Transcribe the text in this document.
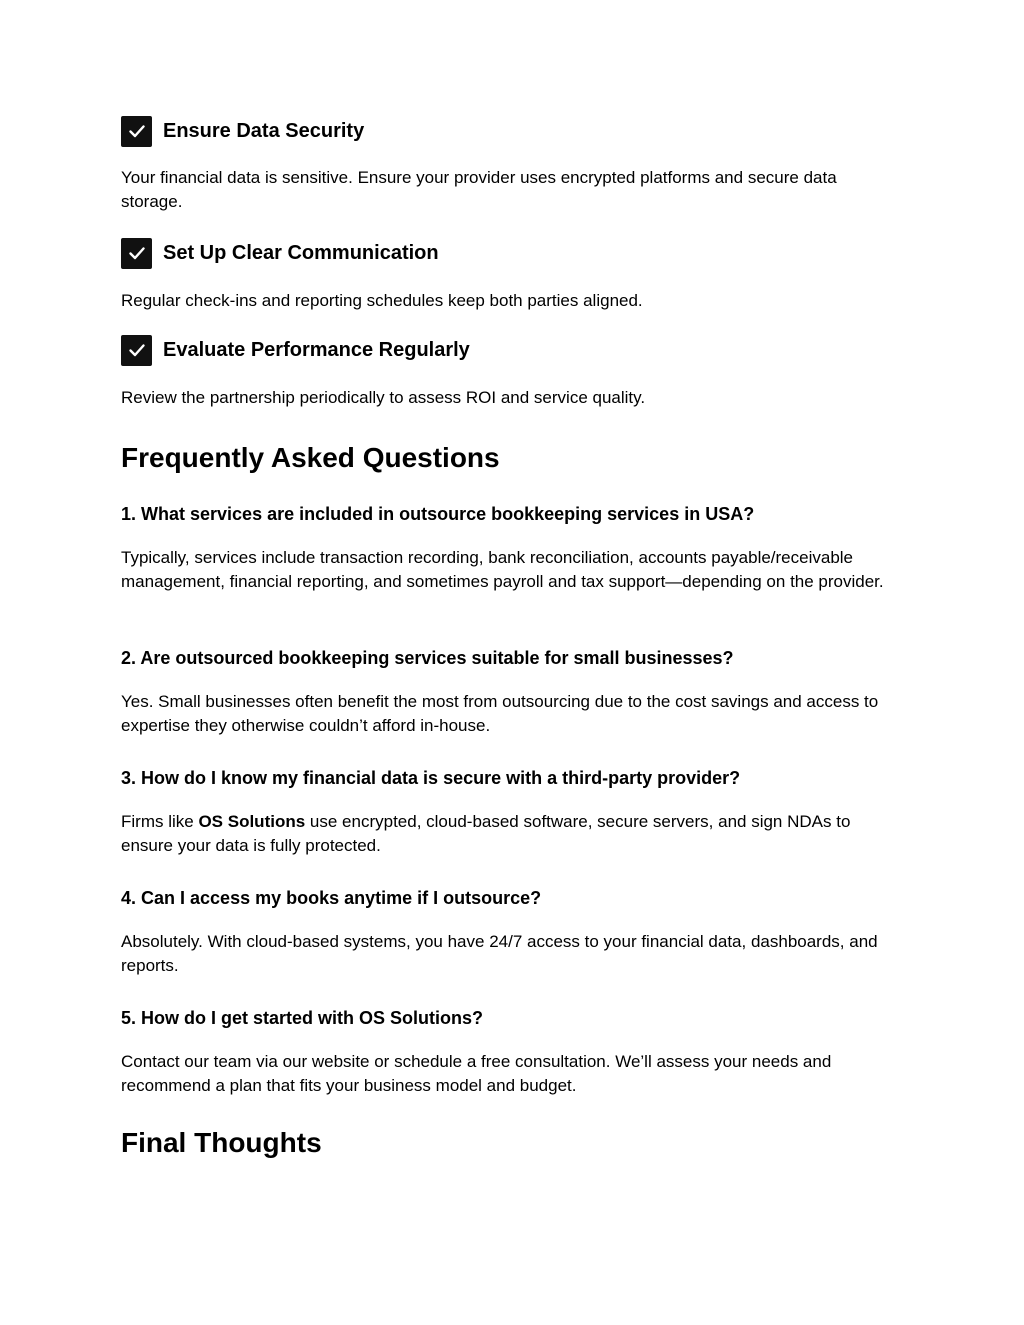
Ensure Data Security

Your financial data is sensitive. Ensure your provider uses encrypted platforms and secure data storage.

Set Up Clear Communication

Regular check-ins and reporting schedules keep both parties aligned.

Evaluate Performance Regularly

Review the partnership periodically to assess ROI and service quality.

Frequently Asked Questions
1. What services are included in outsource bookkeeping services in USA?

Typically, services include transaction recording, bank reconciliation, accounts payable/receivable management, financial reporting, and sometimes payroll and tax support—depending on the provider.

2. Are outsourced bookkeeping services suitable for small businesses?

Yes. Small businesses often benefit the most from outsourcing due to the cost savings and access to expertise they otherwise couldn’t afford in-house.

3. How do I know my financial data is secure with a third-party provider?

Firms like OS Solutions use encrypted, cloud-based software, secure servers, and sign NDAs to ensure your data is fully protected.

4. Can I access my books anytime if I outsource?

Absolutely. With cloud-based systems, you have 24/7 access to your financial data, dashboards, and reports.

5. How do I get started with OS Solutions?

Contact our team via our website or schedule a free consultation. We’ll assess your needs and recommend a plan that fits your business model and budget.

Final Thoughts
